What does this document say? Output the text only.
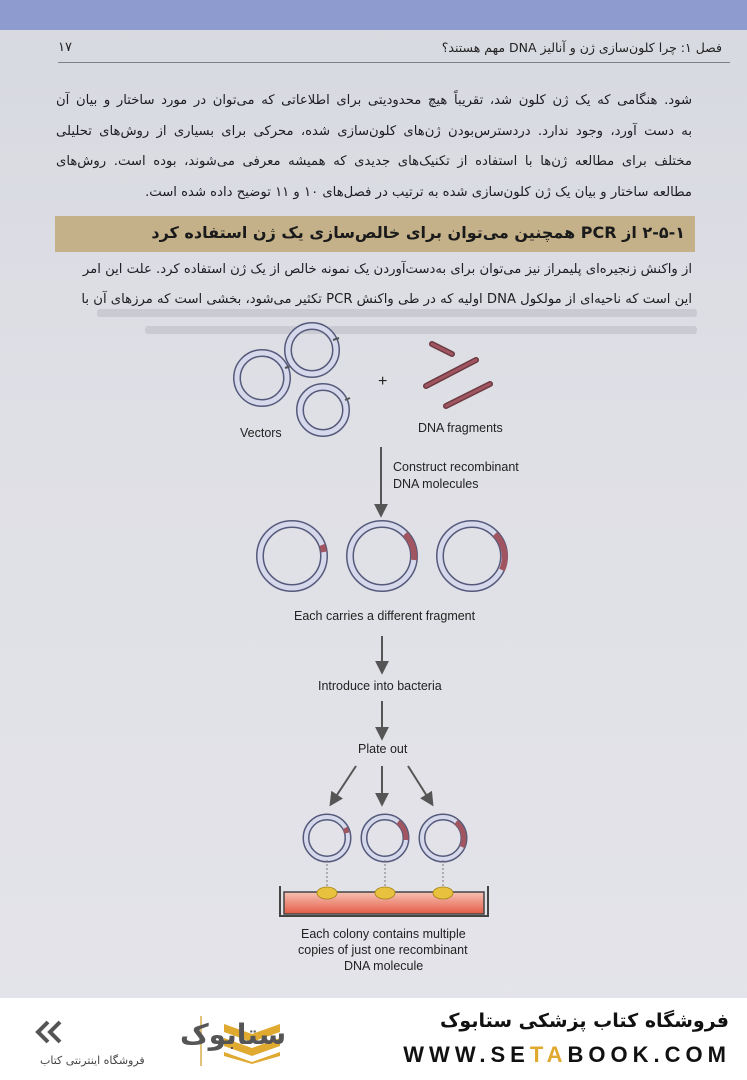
۱۷	فصل ۱: چرا کلون‌سازی ژن و آنالیز DNA مهم هستند؟
شود. هنگامی که یک ژن کلون شد، تقریباً هیچ محدودیتی برای اطلاعاتی که می‌توان در مورد ساختار و بیان آن
به دست آورد، وجود ندارد. دردسترس‌بودن ژن‌های کلون‌سازی شده، محرکی برای بسیاری از روش‌های تحلیلی
مختلف برای مطالعه ژن‌ها با استفاده از تکنیک‌های جدیدی که همیشه معرفی می‌شوند، بوده است. روش‌های
مطالعه ساختار و بیان یک ژن کلون‌سازی شده به ترتیب در فصل‌های ۱۰ و ۱۱ توضیح داده شده است.
۲-۵-۱ از PCR همچنین می‌توان برای خالص‌سازی یک ژن استفاده کرد
از واکنش زنجیره‌ای پلیمراز نیز می‌توان برای به‌دست‌آوردن یک نمونه خالص از یک ژن استفاده کرد. علت این امر
این است که ناحیه‌ای از مولکول DNA اولیه که در طی واکنش PCR تکثیر می‌شود، بخشی است که مرزهای آن با
Vectors
+
DNA fragments
Construct recombinant
DNA molecules
Each carries a different fragment
Introduce into bacteria
Plate out
Each colony contains multiple
copies of just one recombinant
DNA molecule
ستابوک
فروشگاه اینترنتی کتاب
فروشگاه کتاب پزشکی ستابوک
WWW.SETABOOK.COM
